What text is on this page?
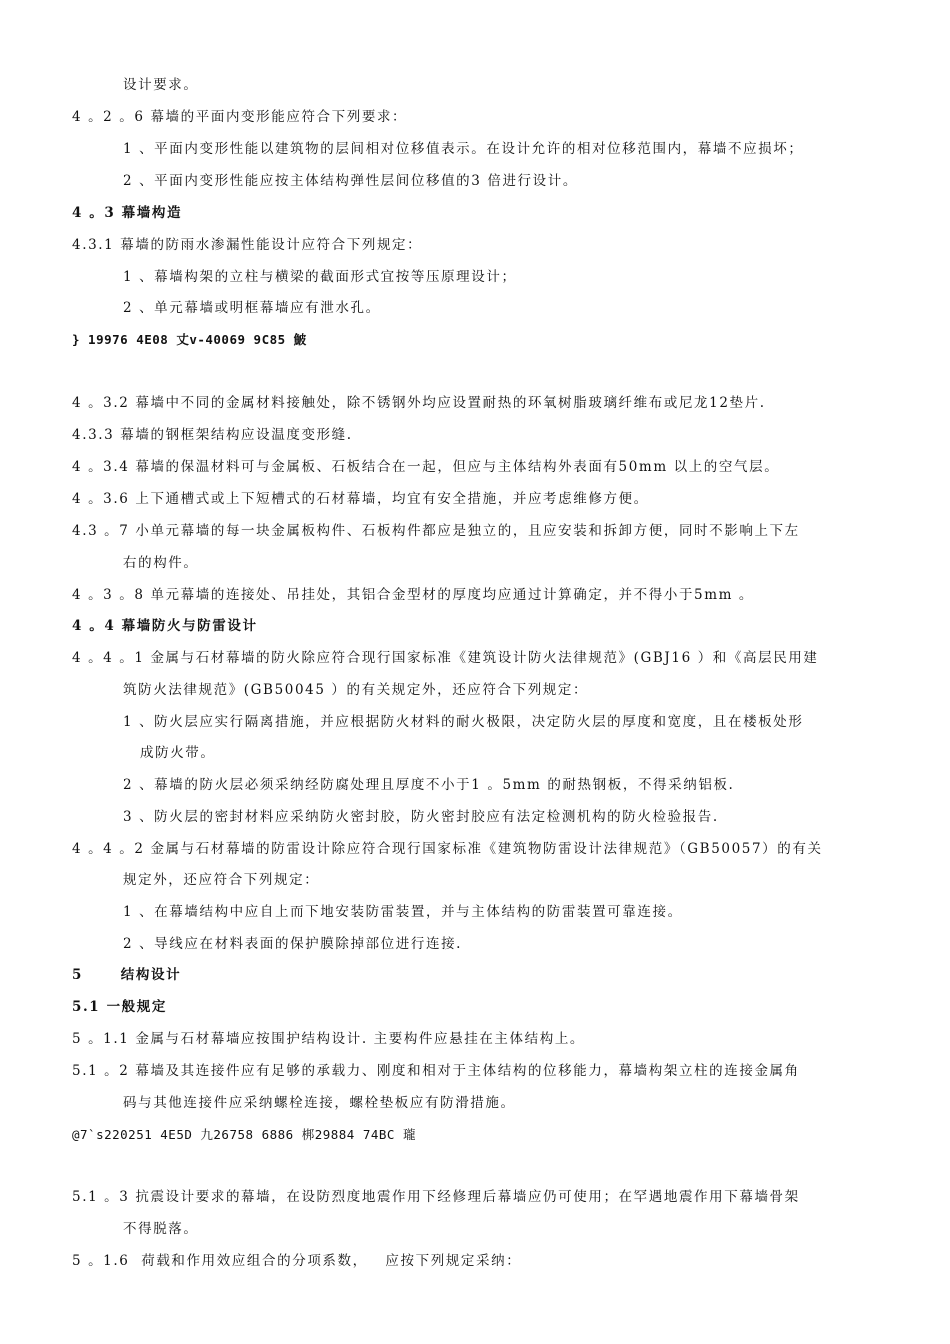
设计要求。
4 。2 。6 幕墙的平面内变形能应符合下列要求：
1 、平面内变形性能以建筑物的层间相对位移值表示。在设计允许的相对位移范围内，幕墙不应损坏；
2 、平面内变形性能应按主体结构弹性层间位移值的3 倍进行设计。
4 。3 幕墙构造
4.3.1 幕墙的防雨水渗漏性能设计应符合下列规定：
1 、幕墙构架的立柱与横梁的截面形式宜按等压原理设计；
2 、单元幕墙或明框幕墙应有泄水孔。
} 19976 4E08 丈v-40069 9C85 鮍
4 。3.2 幕墙中不同的金属材料接触处，除不锈钢外均应设置耐热的环氧树脂玻璃纤维布或尼龙12垫片.
4.3.3 幕墙的钢框架结构应设温度变形缝.
4 。3.4 幕墙的保温材料可与金属板、石板结合在一起，但应与主体结构外表面有50mm 以上的空气层。
4 。3.6 上下通槽式或上下短槽式的石材幕墙，均宜有安全措施，并应考虑维修方便。
4.3 。7 小单元幕墙的每一块金属板构件、石板构件都应是独立的，且应安装和拆卸方便，同时不影响上下左
右的构件。
4 。3 。8 单元幕墙的连接处、吊挂处，其铝合金型材的厚度均应通过计算确定，并不得小于5mm 。
4 。4 幕墙防火与防雷设计
4 。4 。1 金属与石材幕墙的防火除应符合现行国家标准《建筑设计防火法律规范》(GBJ16 ）和《高层民用建
筑防火法律规范》(GB50045 ）的有关规定外，还应符合下列规定：
1 、防火层应实行隔离措施，并应根据防火材料的耐火极限，决定防火层的厚度和宽度，且在楼板处形
成防火带。
2 、幕墙的防火层必须采纳经防腐处理且厚度不小于1 。5mm 的耐热钢板，不得采纳铝板.
3 、防火层的密封材料应采纳防火密封胶，防火密封胶应有法定检测机构的防火检验报告.
4 。4 。2 金属与石材幕墙的防雷设计除应符合现行国家标准《建筑物防雷设计法律规范》（GB50057）的有关
规定外，还应符合下列规定：
1 、在幕墙结构中应自上而下地安装防雷装置，并与主体结构的防雷装置可靠连接。
2 、导线应在材料表面的保护膜除掉部位进行连接.
5      结构设计
5.1 一般规定
5 。1.1 金属与石材幕墙应按围护结构设计. 主要构件应悬挂在主体结构上。
5.1 。2 幕墙及其连接件应有足够的承载力、刚度和相对于主体结构的位移能力，幕墙构架立柱的连接金属角
码与其他连接件应采纳螺栓连接，螺栓垫板应有防滑措施。
@7`s220251 4E5D 九26758 6886 梆29884 74BC 瓏
5.1 。3 抗震设计要求的幕墙，在设防烈度地震作用下经修理后幕墙应仍可使用；在罕遇地震作用下幕墙骨架
不得脱落。
5 。1.6  荷载和作用效应组合的分项系数，   应按下列规定采纳：
